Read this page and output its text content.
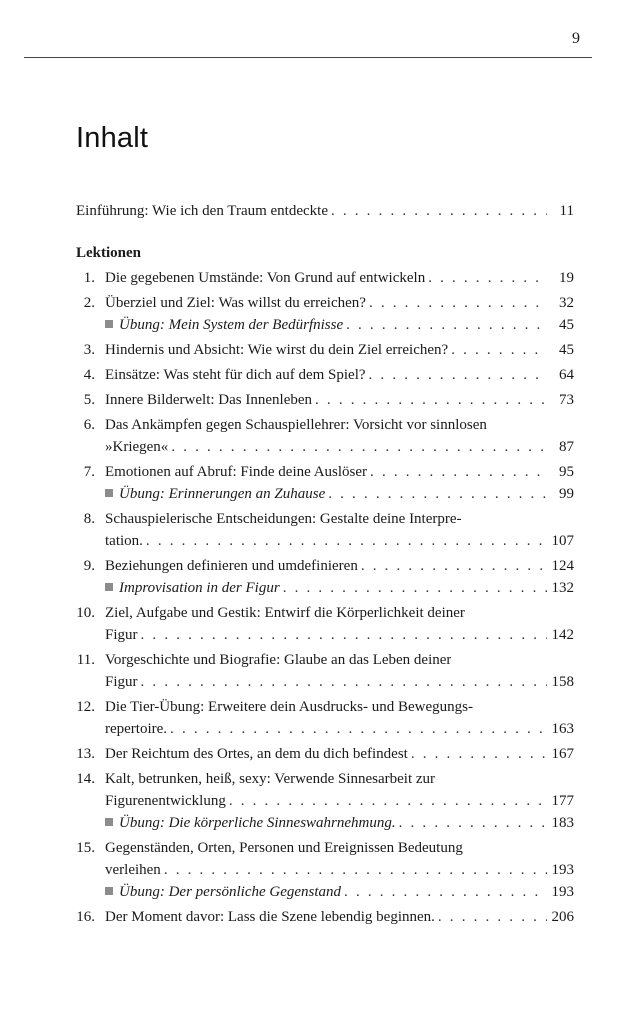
9
Inhalt
Einführung: Wie ich den Traum entdeckte . . .	11
Lektionen
1. Die gegebenen Umstände: Von Grund auf entwickeln . . .	19
2. Überziel und Ziel: Was willst du erreichen? . . .	32
Übung: Mein System der Bedürfnisse . . .	45
3. Hindernis und Absicht: Wie wirst du dein Ziel erreichen? . . .	45
4. Einsätze: Was steht für dich auf dem Spiel? . . .	64
5. Innere Bilderwelt: Das Innenleben . . .	73
6. Das Ankämpfen gegen Schauspiellehrer: Vorsicht vor sinnlosen
»Kriegen« . . .	87
7. Emotionen auf Abruf: Finde deine Auslöser . . .	95
Übung: Erinnerungen an Zuhause . . .	99
8. Schauspielerische Entscheidungen: Gestalte deine Interpre-
tation. . . .	107
9. Beziehungen definieren und umdefinieren . . .	124
Improvisation in der Figur . . .	132
10. Ziel, Aufgabe und Gestik: Entwirf die Körperlichkeit deiner
Figur . . .	142
11. Vorgeschichte und Biografie: Glaube an das Leben deiner
Figur . . .	158
12. Die Tier-Übung: Erweitere dein Ausdrucks- und Bewegungs-
repertoire. . . .	163
13. Der Reichtum des Ortes, an dem du dich befindest . . .	167
14. Kalt, betrunken, heiß, sexy: Verwende Sinnesarbeit zur
Figurenentwicklung . . .	177
Übung: Die körperliche Sinneswahrnehmung. . . .	183
15. Gegenständen, Orten, Personen und Ereignissen Bedeutung
verleihen . . .	193
Übung: Der persönliche Gegenstand . . .	193
16. Der Moment davor: Lass die Szene lebendig beginnen. . . .	206
